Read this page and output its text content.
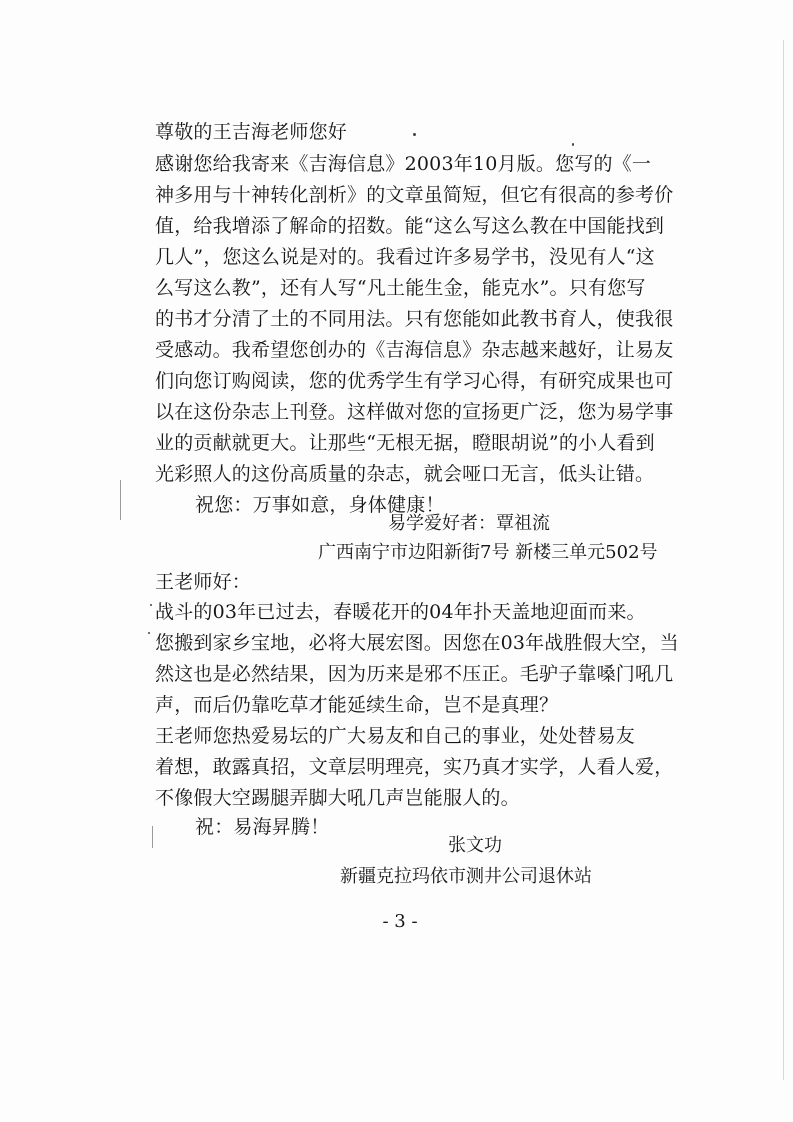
尊敬的王吉海老师您好
感谢您给我寄来《吉海信息》2003年10月版。您写的《一
神多用与十神转化剖析》的文章虽简短，但它有很高的参考价
值，给我增添了解命的招数。能“这么写这么教在中国能找到
几人”，您这么说是对的。我看过许多易学书，没见有人“这
么写这么教”，还有人写“凡土能生金，能克水”。只有您写
的书才分清了土的不同用法。只有您能如此教书育人，使我很
受感动。我希望您创办的《吉海信息》杂志越来越好，让易友
们向您订购阅读，您的优秀学生有学习心得，有研究成果也可
以在这份杂志上刊登。这样做对您的宣扬更广泛，您为易学事
业的贡献就更大。让那些“无根无据，瞪眼胡说”的小人看到
光彩照人的这份高质量的杂志，就会哑口无言，低头让错。
祝您：万事如意，身体健康！
易学爱好者：覃祖流
广西南宁市边阳新街7号 新楼三单元502号
王老师好：
战斗的03年已过去，春暖花开的04年扑天盖地迎面而来。
您搬到家乡宝地，必将大展宏图。因您在03年战胜假大空，当
然这也是必然结果，因为历来是邪不压正。毛驴子靠嗓门吼几
声，而后仍靠吃草才能延续生命，岂不是真理？
王老师您热爱易坛的广大易友和自己的事业，处处替易友
着想，敢露真招，文章层明理亮，实乃真才实学，人看人爱，
不像假大空踢腿弄脚大吼几声岂能服人的。
祝：易海昇腾！
张文功
新疆克拉玛依市测井公司退休站
- 3 -
